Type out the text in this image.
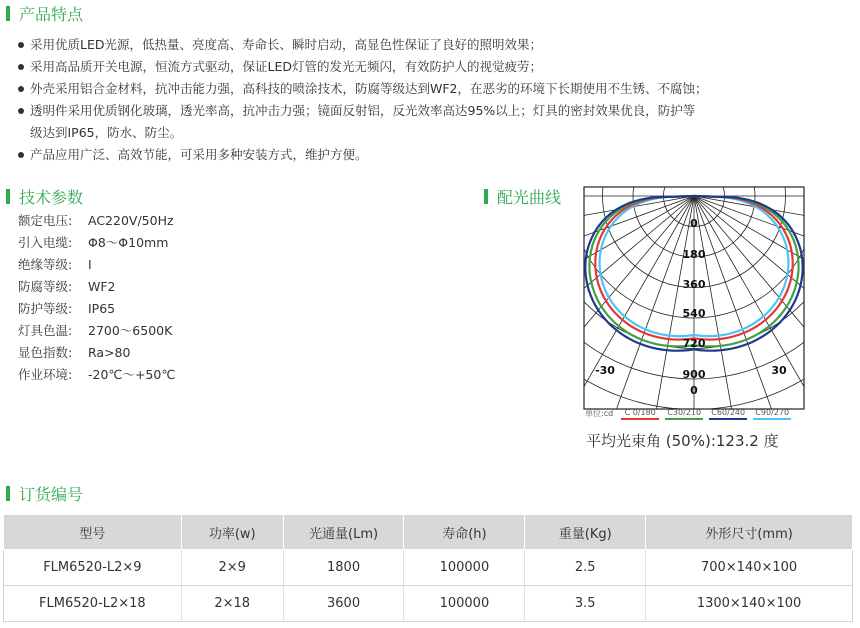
产品特点
采用优质LED光源，低热量、亮度高、寿命长、瞬时启动，高显色性保证了良好的照明效果；
采用高品质开关电源，恒流方式驱动，保证LED灯管的发光无频闪，有效防护人的视觉疲劳；
外壳采用铝合金材料，抗冲击能力强，高科技的喷涂技术，防腐等级达到WF2，在恶劣的环境下长期使用不生锈、不腐蚀；
透明件采用优质钢化玻璃，透光率高，抗冲击力强；镜面反射铝，反光效率高达95%以上；灯具的密封效果优良，防护等
级达到IP65，防水、防尘。
产品应用广泛、高效节能，可采用多种安装方式，维护方便。
技术参数
额定电压: AC220V/50Hz
引入电缆: Φ8～Φ10mm
绝缘等级: I
防腐等级: WF2
防护等级: IP65
灯具色温: 2700～6500K
显色指数: Ra>80
作业环境: -20℃～+50℃
配光曲线
0
180
360
540
720
900
0
-30	30
单位:cd C 0/180 C30/210 C60/240 C90/270
平均光束角 (50%):123.2 度
订货编号
型号	功率(w)	光通量(Lm)	寿命(h)	重量(Kg)	外形尺寸(mm)
FLM6520-L2×9	2×9	1800	100000	2.5	700×140×100
FLM6520-L2×18	2×18	3600	100000	3.5	1300×140×100
